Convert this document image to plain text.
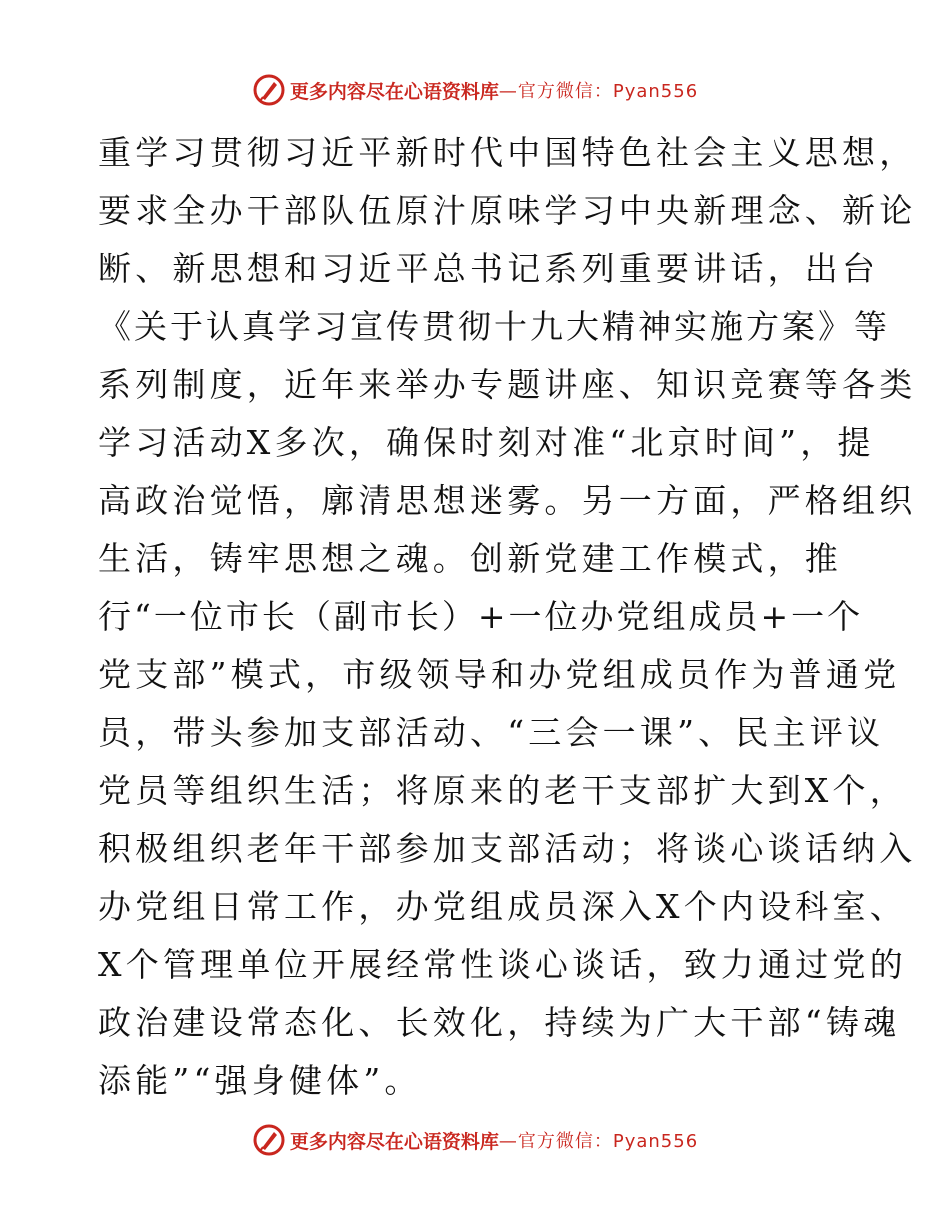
更多内容尽在心语资料库 —官方微信：Pyan556
重学习贯彻习近平新时代中国特色社会主义思想，
要求全办干部队伍原汁原味学习中央新理念、新论
断、新思想和习近平总书记系列重要讲话，出台
《关于认真学习宣传贯彻十九大精神实施方案》等
系列制度，近年来举办专题讲座、知识竞赛等各类
学习活动X多次，确保时刻对准“北京时间”，提
高政治觉悟，廓清思想迷雾。另一方面，严格组织
生活，铸牢思想之魂。创新党建工作模式，推
行“一位市长（副市长）+一位办党组成员+一个
党支部”模式，市级领导和办党组成员作为普通党
员，带头参加支部活动、“三会一课”、民主评议
党员等组织生活；将原来的老干支部扩大到X个，
积极组织老年干部参加支部活动；将谈心谈话纳入
办党组日常工作，办党组成员深入X个内设科室、
X个管理单位开展经常性谈心谈话，致力通过党的
政治建设常态化、长效化，持续为广大干部“铸魂
添能”“强身健体”。
更多内容尽在心语资料库 —官方微信：Pyan556
